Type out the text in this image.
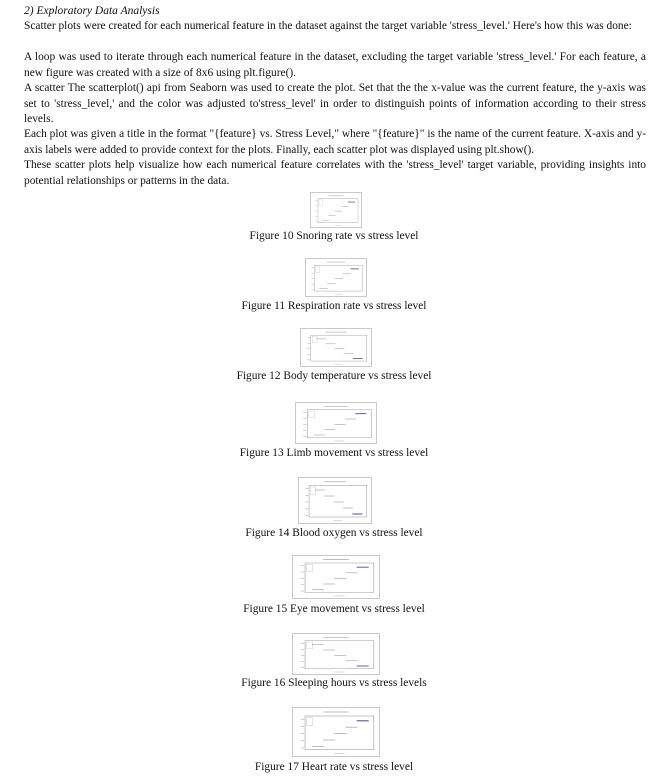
2) Exploratory Data Analysis
Scatter plots were created for each numerical feature in the dataset against the target variable 'stress_level.' Here's how this was done:
A loop was used to iterate through each numerical feature in the dataset, excluding the target variable 'stress_level.' For each feature, a new figure was created with a size of 8x6 using plt.figure().
A scatter The scatterplot() api from Seaborn was used to create the plot. Set that the the x-value was the current feature, the y-axis was set to 'stress_level,' and the color was adjusted to'stress_level' in order to distinguish points of information according to their stress levels.
Each plot was given a title in the format "{feature} vs. Stress Level," where "{feature}" is the name of the current feature. X-axis and y-axis labels were added to provide context for the plots. Finally, each scatter plot was displayed using plt.show().
These scatter plots help visualize how each numerical feature correlates with the 'stress_level' target variable, providing insights into potential relationships or patterns in the data.
Figure 10 Snoring rate vs stress level
Figure 11 Respiration rate vs stress level
Figure 12 Body temperature vs stress level
Figure 13 Limb movement vs stress level
Figure 14 Blood oxygen vs stress level
Figure 15 Eye movement vs stress level
Figure 16 Sleeping hours vs stress levels
Figure 17 Heart rate vs stress level
